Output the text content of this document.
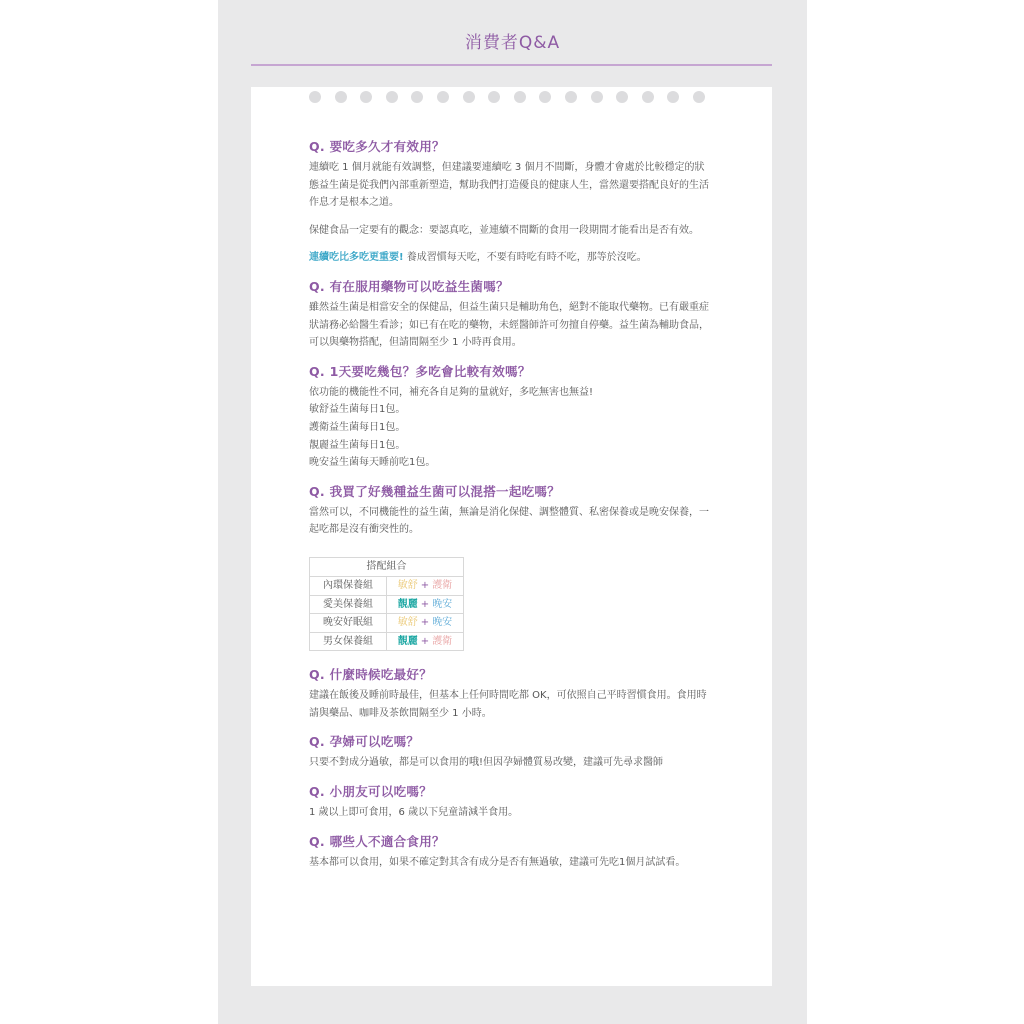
消費者Q&A
Q. 要吃多久才有效用？
連續吃 1 個月就能有效調整，但建議要連續吃 3 個月不間斷，身體才會處於比較穩定的狀態益生菌是從我們內部重新塑造，幫助我們打造優良的健康人生，當然還要搭配良好的生活作息才是根本之道。
保健食品一定要有的觀念：要認真吃，並連續不間斷的食用一段期間才能看出是否有效。
連續吃比多吃更重要! 養成習慣每天吃，不要有時吃有時不吃，那等於沒吃。
Q. 有在服用藥物可以吃益生菌嗎？
雖然益生菌是相當安全的保健品，但益生菌只是輔助角色，絕對不能取代藥物。已有嚴重症狀請務必給醫生看診；如已有在吃的藥物，未經醫師許可勿擅自停藥。益生菌為輔助食品，可以與藥物搭配，但請間隔至少 1 小時再食用。
Q. 1天要吃幾包？多吃會比較有效嗎？
依功能的機能性不同，補充各自足夠的量就好，多吃無害也無益!
敏舒益生菌每日1包。
護衛益生菌每日1包。
靚麗益生菌每日1包。
晚安益生菌每天睡前吃1包。
Q. 我買了好幾種益生菌可以混搭一起吃嗎？
當然可以，不同機能性的益生菌，無論是消化保健、調整體質、私密保養或是晚安保養，一起吃都是沒有衝突性的。
搭配組合	
內環保養組	敏舒 + 護衛
愛美保養組	靚麗 + 晚安
晚安好眠組	敏舒 + 晚安
男女保養組	靚麗 + 護衛
Q. 什麼時候吃最好？
建議在飯後及睡前時最佳，但基本上任何時間吃都 OK，可依照自己平時習慣食用。食用時請與藥品、咖啡及茶飲間隔至少 1 小時。
Q. 孕婦可以吃嗎？
只要不對成分過敏，都是可以食用的哦!但因孕婦體質易改變，建議可先尋求醫師
Q. 小朋友可以吃嗎？
1 歲以上即可食用，6 歲以下兒童請減半食用。
Q. 哪些人不適合食用？
基本都可以食用，如果不確定對其含有成分是否有無過敏，建議可先吃1個月試試看。
